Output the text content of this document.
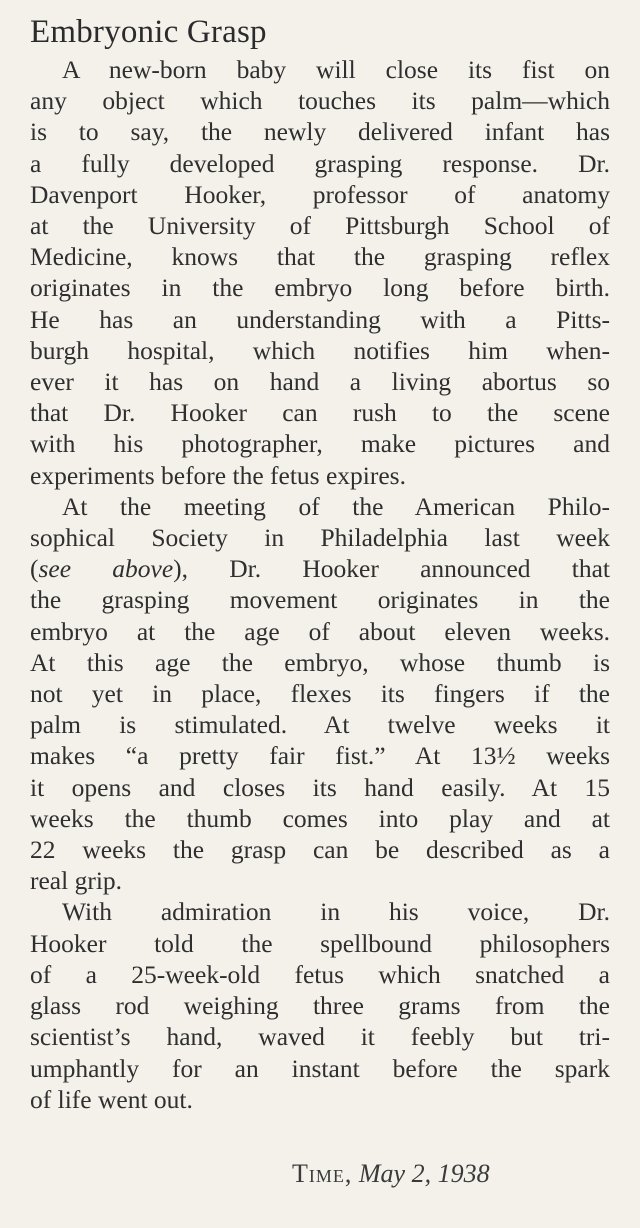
Embryonic Grasp
A new-born baby will close its fist on
any object which touches its palm—which
is to say, the newly delivered infant has
a fully developed grasping response. Dr.
Davenport Hooker, professor of anatomy
at the University of Pittsburgh School of
Medicine, knows that the grasping reflex
originates in the embryo long before birth.
He has an understanding with a Pitts-
burgh hospital, which notifies him when-
ever it has on hand a living abortus so
that Dr. Hooker can rush to the scene
with his photographer, make pictures and
experiments before the fetus expires.
At the meeting of the American Philo-
sophical Society in Philadelphia last week
(see above), Dr. Hooker announced that
the grasping movement originates in the
embryo at the age of about eleven weeks.
At this age the embryo, whose thumb is
not yet in place, flexes its fingers if the
palm is stimulated. At twelve weeks it
makes “a pretty fair fist.” At 13½ weeks
it opens and closes its hand easily. At 15
weeks the thumb comes into play and at
22 weeks the grasp can be described as a
real grip.
With admiration in his voice, Dr.
Hooker told the spellbound philosophers
of a 25-week-old fetus which snatched a
glass rod weighing three grams from the
scientist’s hand, waved it feebly but tri-
umphantly for an instant before the spark
of life went out.
Time, May 2, 1938
